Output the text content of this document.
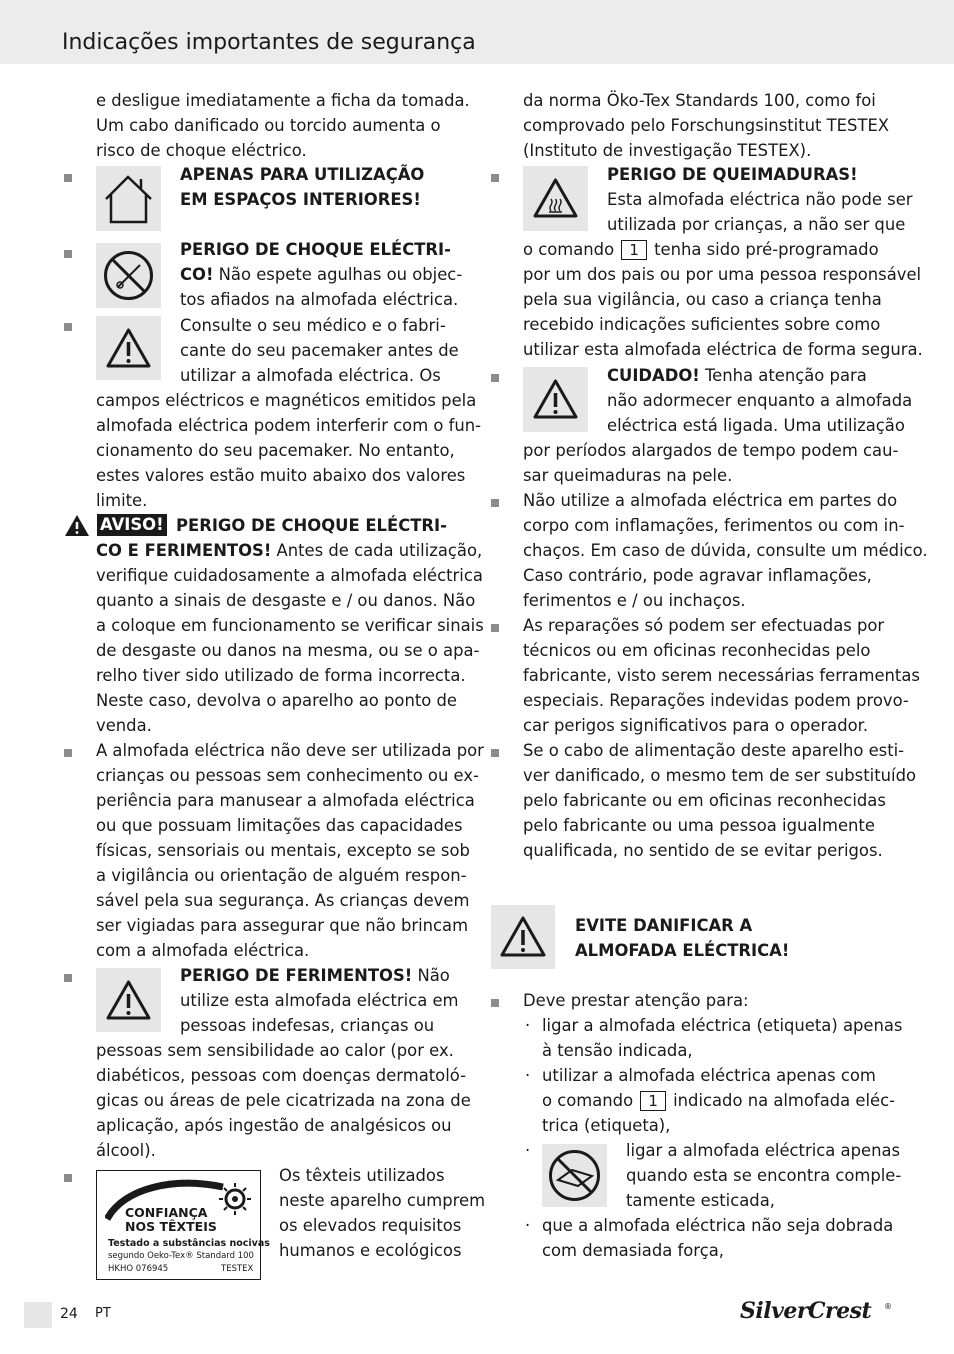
Indicações importantes de segurança
e desligue imediatamente a ficha da tomada.
Um cabo danificado ou torcido aumenta o
risco de choque eléctrico.
APENAS PARA UTILIZAÇÃO
EM ESPAÇOS INTERIORES!
PERIGO DE CHOQUE ELÉCTRI-
CO! Não espete agulhas ou objec-
tos afiados na almofada eléctrica.
Consulte o seu médico e o fabri-
cante do seu pacemaker antes de
utilizar a almofada eléctrica. Os
campos eléctricos e magnéticos emitidos pela
almofada eléctrica podem interferir com o fun-
cionamento do seu pacemaker. No entanto,
estes valores estão muito abaixo dos valores
limite.
AVISO! PERIGO DE CHOQUE ELÉCTRI-
CO E FERIMENTOS! Antes de cada utilização,
verifique cuidadosamente a almofada eléctrica
quanto a sinais de desgaste e / ou danos. Não
a coloque em funcionamento se verificar sinais
de desgaste ou danos na mesma, ou se o apa-
relho tiver sido utilizado de forma incorrecta.
Neste caso, devolva o aparelho ao ponto de
venda.
A almofada eléctrica não deve ser utilizada por
crianças ou pessoas sem conhecimento ou ex-
periência para manusear a almofada eléctrica
ou que possuam limitações das capacidades
físicas, sensoriais ou mentais, excepto se sob
a vigilância ou orientação de alguém respon-
sável pela sua segurança. As crianças devem
ser vigiadas para assegurar que não brincam
com a almofada eléctrica.
PERIGO DE FERIMENTOS! Não
utilize esta almofada eléctrica em
pessoas indefesas, crianças ou
pessoas sem sensibilidade ao calor (por ex.
diabéticos, pessoas com doenças dermatoló-
gicas ou áreas de pele cicatrizada na zona de
aplicação, após ingestão de analgésicos ou
álcool).
CONFIANÇA
NOS TÊXTEIS
Testado a substâncias nocivas
segundo Oeko-Tex® Standard 100
HKHO 076945	TESTEX
Os têxteis utilizados
neste aparelho cumprem
os elevados requisitos
humanos e ecológicos
da norma Öko-Tex Standards 100, como foi
comprovado pelo Forschungsinstitut TESTEX
(Instituto de investigação TESTEX).
PERIGO DE QUEIMADURAS!
Esta almofada eléctrica não pode ser
utilizada por crianças, a não ser que
o comando 1 tenha sido pré-programado
por um dos pais ou por uma pessoa responsável
pela sua vigilância, ou caso a criança tenha
recebido indicações suficientes sobre como
utilizar esta almofada eléctrica de forma segura.
CUIDADO! Tenha atenção para
não adormecer enquanto a almofada
eléctrica está ligada. Uma utilização
por períodos alargados de tempo podem cau-
sar queimaduras na pele.
Não utilize a almofada eléctrica em partes do
corpo com inflamações, ferimentos ou com in-
chaços. Em caso de dúvida, consulte um médico.
Caso contrário, pode agravar inflamações,
ferimentos e / ou inchaços.
As reparações só podem ser efectuadas por
técnicos ou em oficinas reconhecidas pelo
fabricante, visto serem necessárias ferramentas
especiais. Reparações indevidas podem provo-
car perigos significativos para o operador.
Se o cabo de alimentação deste aparelho esti-
ver danificado, o mesmo tem de ser substituído
pelo fabricante ou em oficinas reconhecidas
pelo fabricante ou uma pessoa igualmente
qualificada, no sentido de se evitar perigos.
EVITE DANIFICAR A
ALMOFADA ELÉCTRICA!
Deve prestar atenção para:
· ligar a almofada eléctrica (etiqueta) apenas
à tensão indicada,
· utilizar a almofada eléctrica apenas com
o comando 1 indicado na almofada eléc-
trica (etiqueta),
·	ligar a almofada eléctrica apenas
quando esta se encontra comple-
tamente esticada,
· que a almofada eléctrica não seja dobrada
com demasiada força,
24 PT	SilverCrest ®
